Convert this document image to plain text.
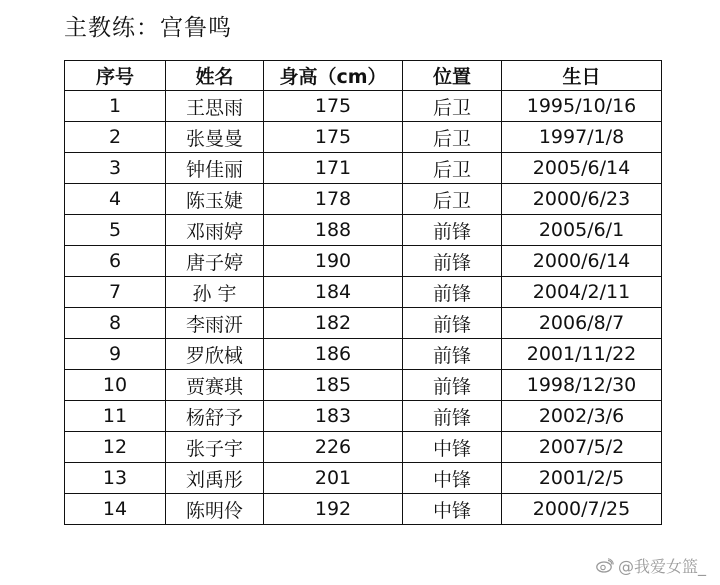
主教练：宫鲁鸣
序号	姓名	身高（cm）	位置	生日
1	王思雨	175	后卫	1995/10/16
2	张曼曼	175	后卫	1997/1/8
3	钟佳丽	171	后卫	2005/6/14
4	陈玉婕	178	后卫	2000/6/23
5	邓雨婷	188	前锋	2005/6/1
6	唐子婷	190	前锋	2000/6/14
7	孙 宇	184	前锋	2004/2/11
8	李雨汧	182	前锋	2006/8/7
9	罗欣棫	186	前锋	2001/11/22
10	贾赛琪	185	前锋	1998/12/30
11	杨舒予	183	前锋	2002/3/6
12	张子宇	226	中锋	2007/5/2
13	刘禹彤	201	中锋	2001/2/5
14	陈明伶	192	中锋	2000/7/25
@我爱女篮_
